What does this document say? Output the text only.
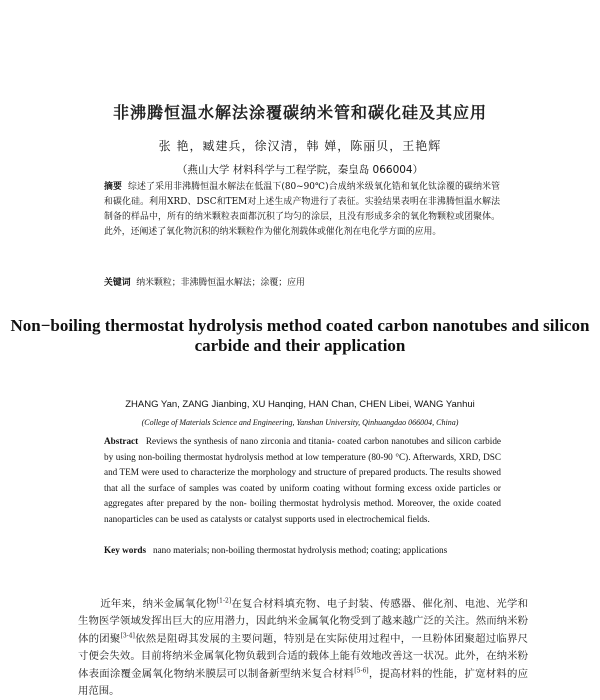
非沸腾恒温水解法涂覆碳纳米管和碳化硅及其应用

张 艳，臧建兵，徐汉清，韩 婵，陈丽贝，王艳辉

（燕山大学 材料科学与工程学院，秦皇岛 066004）

摘要 综述了采用非沸腾恒温水解法在低温下(80~90℃)合成纳米级氧化锆和氧化钛涂覆的碳纳米管和碳化硅。利用XRD、DSC和TEM对上述生成产物进行了表征。实验结果表明在非沸腾恒温水解法制备的样品中，所有的纳米颗粒表面都沉积了均匀的涂层，且没有形成多余的氧化物颗粒或团聚体。此外，还阐述了氧化物沉积的纳米颗粒作为催化剂载体或催化剂在电化学方面的应用。

关键词 纳米颗粒；非沸腾恒温水解法；涂覆；应用

Non−boiling thermostat hydrolysis method coated carbon nanotubes and silicon carbide and their application

ZHANG Yan, ZANG Jianbing, XU Hanqing, HAN Chan, CHEN Libei, WANG Yanhui

(College of Materials Science and Engineering, Yanshan University, Qinhuangdao 066004, China)

Abstract Reviews the synthesis of nano zirconia and titania- coated carbon nanotubes and silicon carbide by using non-boiling thermostat hydrolysis method at low temperature (80-90 °C). Afterwards, XRD, DSC and TEM were used to characterize the morphology and structure of prepared products. The results showed that all the surface of samples was coated by uniform coating without forming excess oxide particles or aggregates after prepared by the non- boiling thermostat hydrolysis method. Moreover, the oxide coated nanoparticles can be used as catalysts or catalyst supports used in electrochemical fields.

Key words nano materials; non-boiling thermostat hydrolysis method; coating; applications

近年来，纳米金属氧化物[1-2]在复合材料填充物、电子封装、传感器、催化剂、电池、光学和生物医学领域发挥出巨大的应用潜力，因此纳米金属氧化物受到了越来越广泛的关注。然而纳米粉体的团聚[3-4]依然是阻碍其发展的主要问题，特别是在实际使用过程中，一旦粉体团聚超过临界尺寸便会失效。目前将纳米金属氧化物负载到合适的载体上能有效地改善这一状况。此外，在纳米粉体表面涂覆金属氧化物纳米膜层可以制备新型纳米复合材料[5-6]，提高材料的性能，扩宽材料的应用范围。
